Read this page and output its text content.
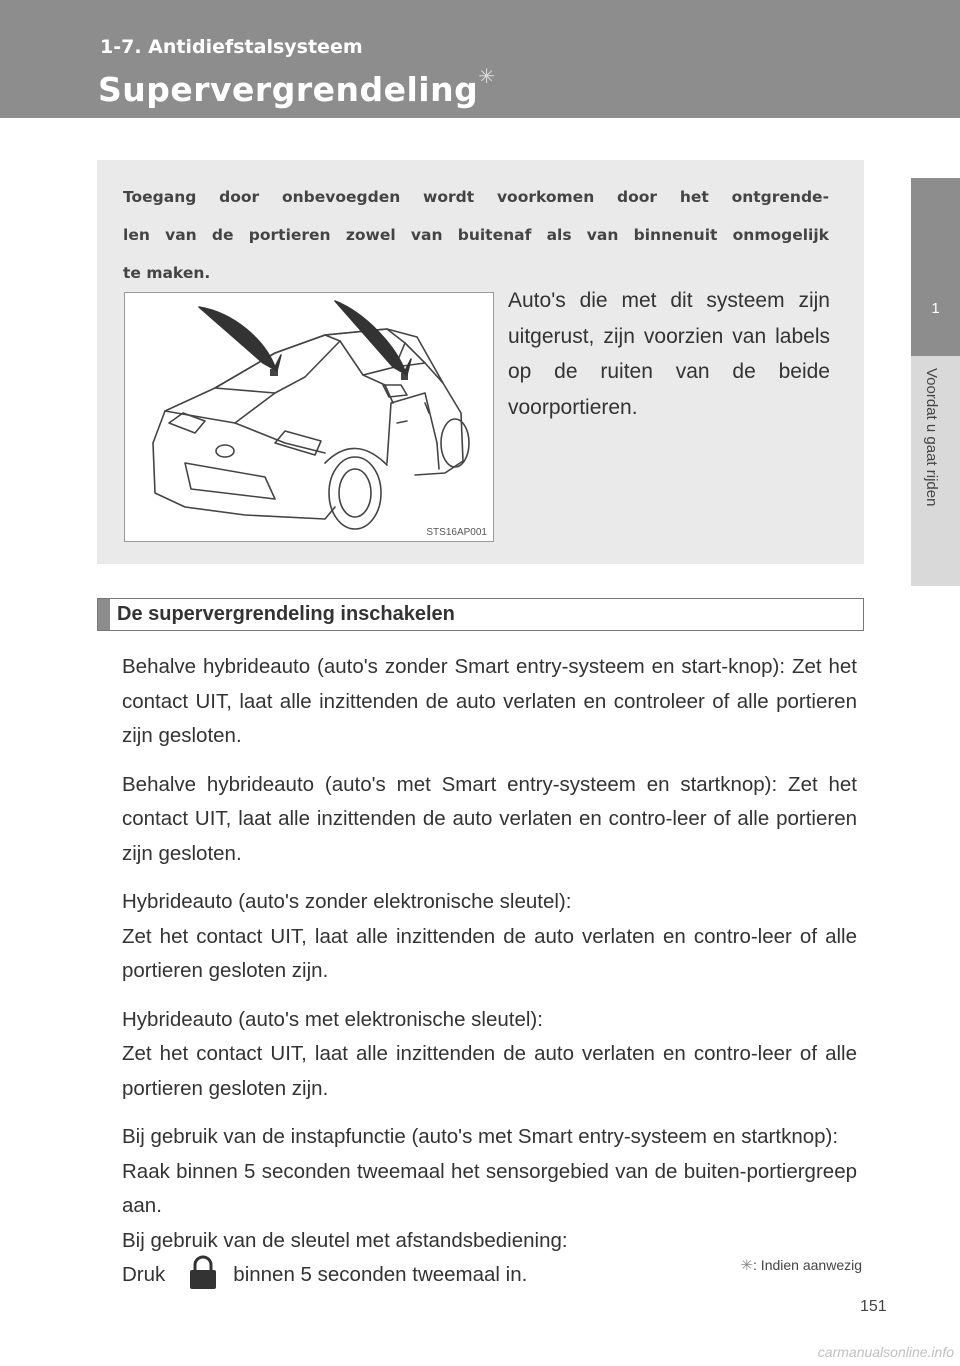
1-7. Antidiefstalsysteem
Supervergrendeling✳
1
Voordat u gaat rijden
Toegang door onbevoegden wordt voorkomen door het ontgrende-
len van de portieren zowel van buitenaf als van binnenuit onmogelijk
te maken.
STS16AP001
Auto's die met dit systeem zijn uitgerust, zijn voorzien van labels op de ruiten van de beide voorportieren.
De supervergrendeling inschakelen

Behalve hybrideauto (auto's zonder Smart entry-systeem en start-knop): Zet het contact UIT, laat alle inzittenden de auto verlaten en controleer of alle portieren zijn gesloten.

Behalve hybrideauto (auto's met Smart entry-systeem en startknop): Zet het contact UIT, laat alle inzittenden de auto verlaten en contro-leer of alle portieren zijn gesloten.

Hybrideauto (auto's zonder elektronische sleutel):
Zet het contact UIT, laat alle inzittenden de auto verlaten en contro-leer of alle portieren gesloten zijn.

Hybrideauto (auto's met elektronische sleutel):
Zet het contact UIT, laat alle inzittenden de auto verlaten en contro-leer of alle portieren gesloten zijn.

Bij gebruik van de instapfunctie (auto's met Smart entry-systeem en startknop):
Raak binnen 5 seconden tweemaal het sensorgebied van de buiten-portiergreep aan.

Bij gebruik van de sleutel met afstandsbediening:
Druk	binnen 5 seconden tweemaal in.	✳: Indien aanwezig
151
carmanualsonline.info
